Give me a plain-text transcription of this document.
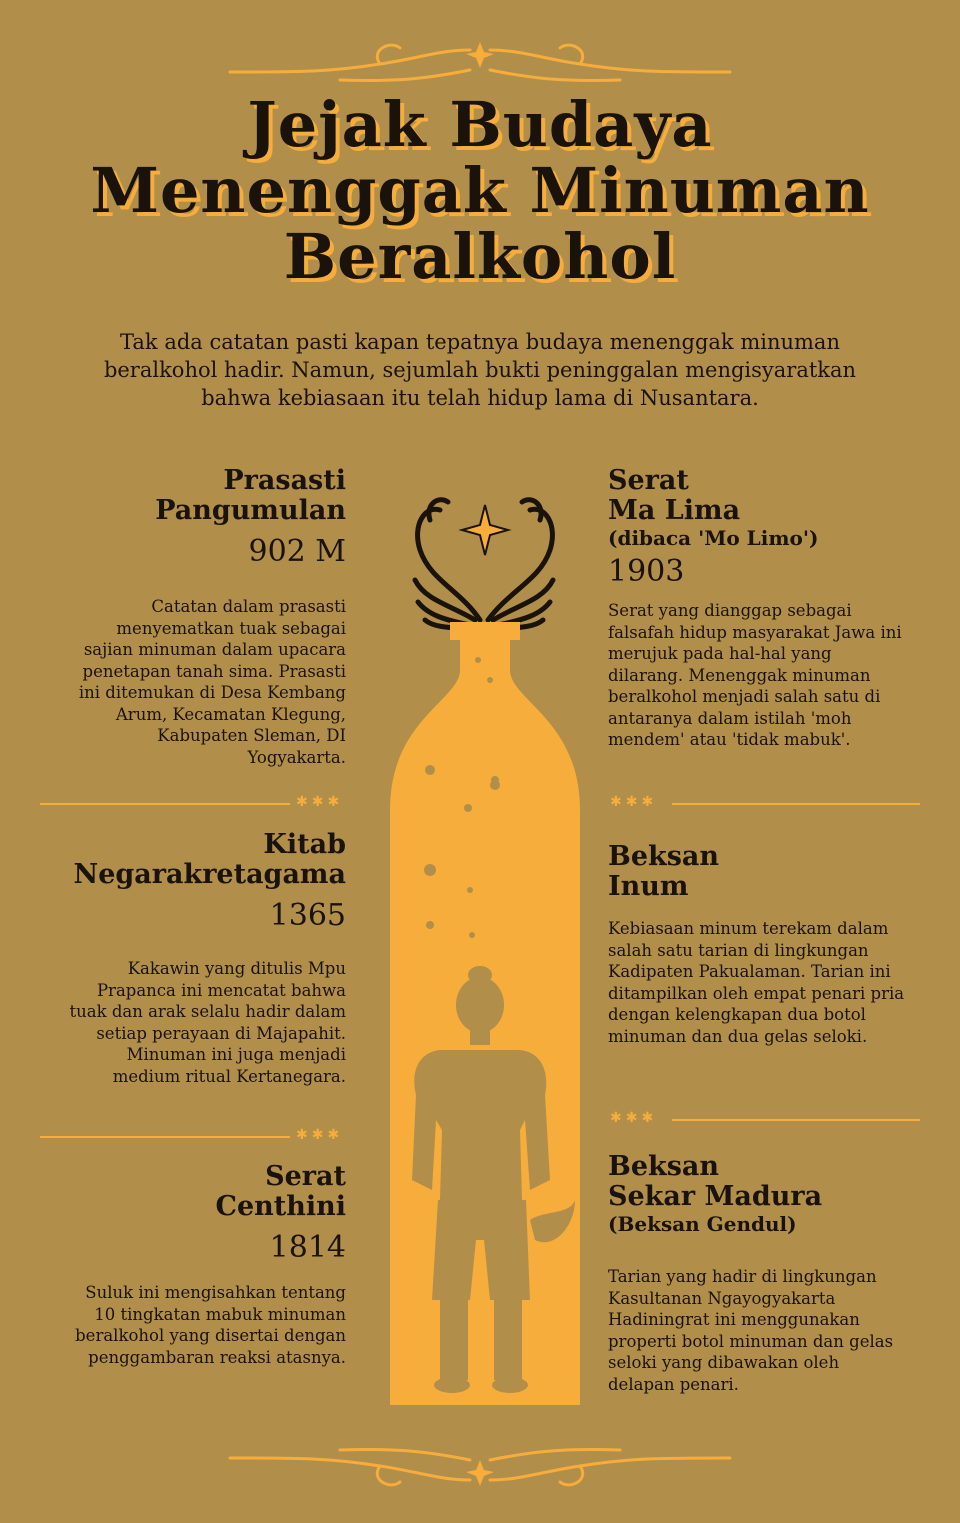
Jejak Budaya
Menenggak Minuman
Beralkohol
Tak ada catatan pasti kapan tepatnya budaya menenggak minuman beralkohol hadir. Namun, sejumlah bukti peninggalan mengisyaratkan bahwa kebiasaan itu telah hidup lama di Nusantara.
Prasasti
Pangumulan
902 M
Catatan dalam prasasti menyematkan tuak sebagai sajian minuman dalam upacara penetapan tanah sima. Prasasti ini ditemukan di Desa Kembang Arum, Kecamatan Klegung, Kabupaten Sleman, DI Yogyakarta.
✱✱✱
Kitab
Negarakretagama
1365
Kakawin yang ditulis Mpu Prapanca ini mencatat bahwa tuak dan arak selalu hadir dalam setiap perayaan di Majapahit. Minuman ini juga menjadi medium ritual Kertanegara.
✱✱✱
Serat
Centhini
1814
Suluk ini mengisahkan tentang 10 tingkatan mabuk minuman beralkohol yang disertai dengan penggambaran reaksi atasnya.
Serat
Ma Lima
(dibaca 'Mo Limo')
1903
Serat yang dianggap sebagai falsafah hidup masyarakat Jawa ini merujuk pada hal-hal yang dilarang. Menenggak minuman beralkohol menjadi salah satu di antaranya dalam istilah 'moh mendem' atau 'tidak mabuk'.
✱✱✱
Beksan
Inum
Kebiasaan minum terekam dalam salah satu tarian di lingkungan Kadipaten Pakualaman. Tarian ini ditampilkan oleh empat penari pria dengan kelengkapan dua botol minuman dan dua gelas seloki.
✱✱✱
Beksan
Sekar Madura
(Beksan Gendul)
Tarian yang hadir di lingkungan Kasultanan Ngayogyakarta Hadiningrat ini menggunakan properti botol minuman dan gelas seloki yang dibawakan oleh delapan penari.
